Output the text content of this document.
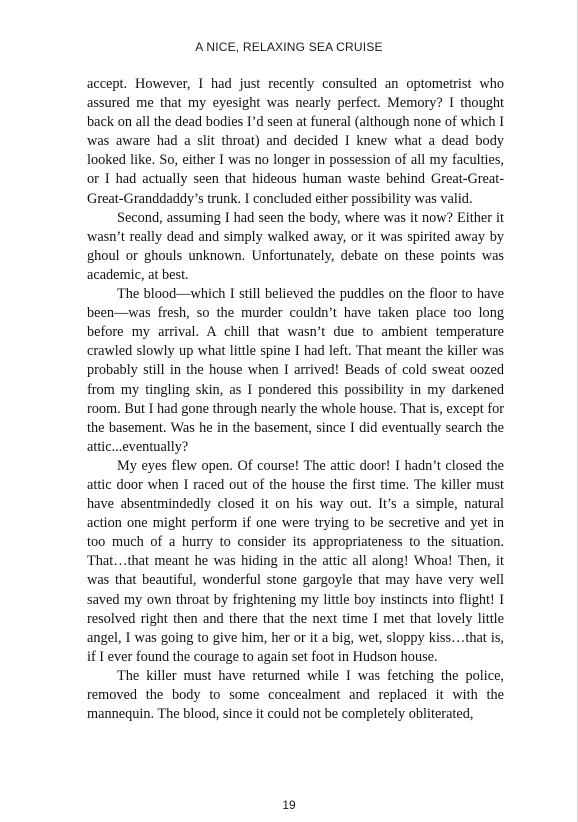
A NICE, RELAXING SEA CRUISE

accept. However, I had just recently consulted an optometrist who assured me that my eyesight was nearly perfect. Memory? I thought back on all the dead bodies I’d seen at funeral (although none of which I was aware had a slit throat) and decided I knew what a dead body looked like. So, either I was no longer in possession of all my faculties, or I had actually seen that hideous human waste behind Great-Great-Great-Granddaddy’s trunk. I concluded either possibility was valid.

Second, assuming I had seen the body, where was it now? Either it wasn’t really dead and simply walked away, or it was spirited away by ghoul or ghouls unknown. Unfortunately, debate on these points was academic, at best.

The blood—which I still believed the puddles on the floor to have been—was fresh, so the murder couldn’t have taken place too long before my arrival. A chill that wasn’t due to ambient temperature crawled slowly up what little spine I had left. That meant the killer was probably still in the house when I arrived! Beads of cold sweat oozed from my tingling skin, as I pondered this possibility in my darkened room. But I had gone through nearly the whole house. That is, except for the basement. Was he in the basement, since I did eventually search the attic...eventually?

My eyes flew open. Of course! The attic door! I hadn’t closed the attic door when I raced out of the house the first time. The killer must have absentmindedly closed it on his way out. It’s a simple, natural action one might perform if one were trying to be secretive and yet in too much of a hurry to consider its appropriateness to the situation. That…that meant he was hiding in the attic all along! Whoa! Then, it was that beautiful, wonderful stone gargoyle that may have very well saved my own throat by frightening my little boy instincts into flight! I resolved right then and there that the next time I met that lovely little angel, I was going to give him, her or it a big, wet, sloppy kiss…that is, if I ever found the courage to again set foot in Hudson house.

The killer must have returned while I was fetching the police, removed the body to some concealment and replaced it with the mannequin. The blood, since it could not be completely obliterated,

19
